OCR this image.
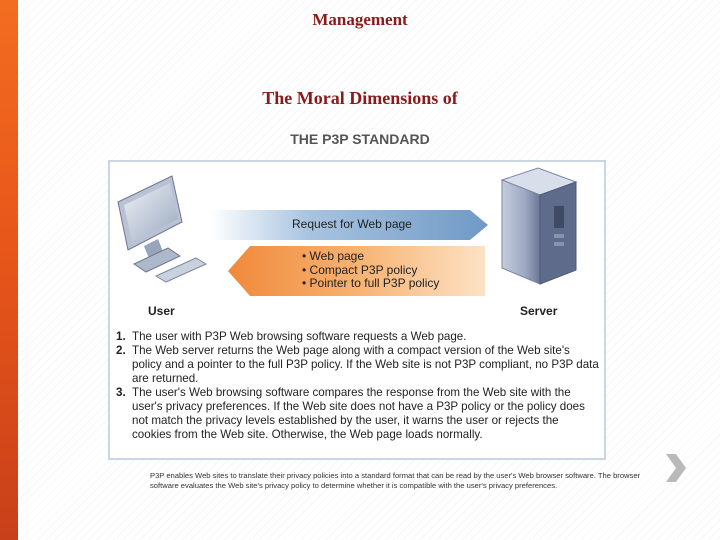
Management
The Moral Dimensions of
THE P3P STANDARD
Request for Web page
• Web page
• Compact P3P policy
• Pointer to full P3P policy
User	Server
1. The user with P3P Web browsing software requests a Web page.
2. The Web server returns the Web page along with a compact version of the Web site's policy and a pointer to the full P3P policy. If the Web site is not P3P compliant, no P3P data are returned.
3. The user's Web browsing software compares the response from the Web site with the user's privacy preferences. If the Web site does not have a P3P policy or the policy does not match the privacy levels established by the user, it warns the user or rejects the cookies from the Web site. Otherwise, the Web page loads normally.
P3P enables Web sites to translate their privacy policies into a standard format that can be read by the user's Web browser software. The browser software evaluates the Web site's privacy policy to determine whether it is compatible with the user's privacy preferences.
